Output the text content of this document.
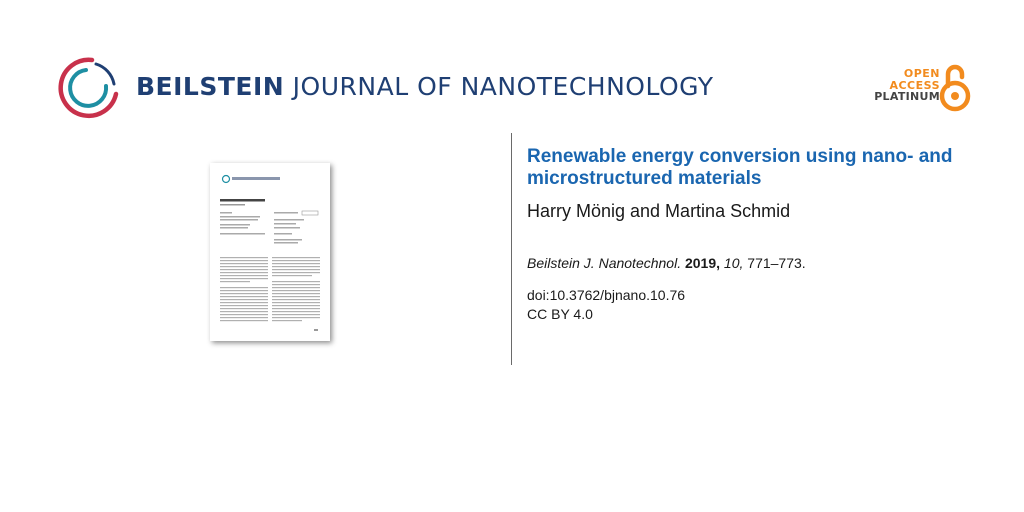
BEILSTEIN JOURNAL OF NANOTECHNOLOGY	OPEN
ACCESS
PLATINUM
Renewable energy conversion using nano- and microstructured materials
Harry Mönig and Martina Schmid
Beilstein J. Nanotechnol. 2019, 10, 771–773.
doi:10.3762/bjnano.10.76
CC BY 4.0
